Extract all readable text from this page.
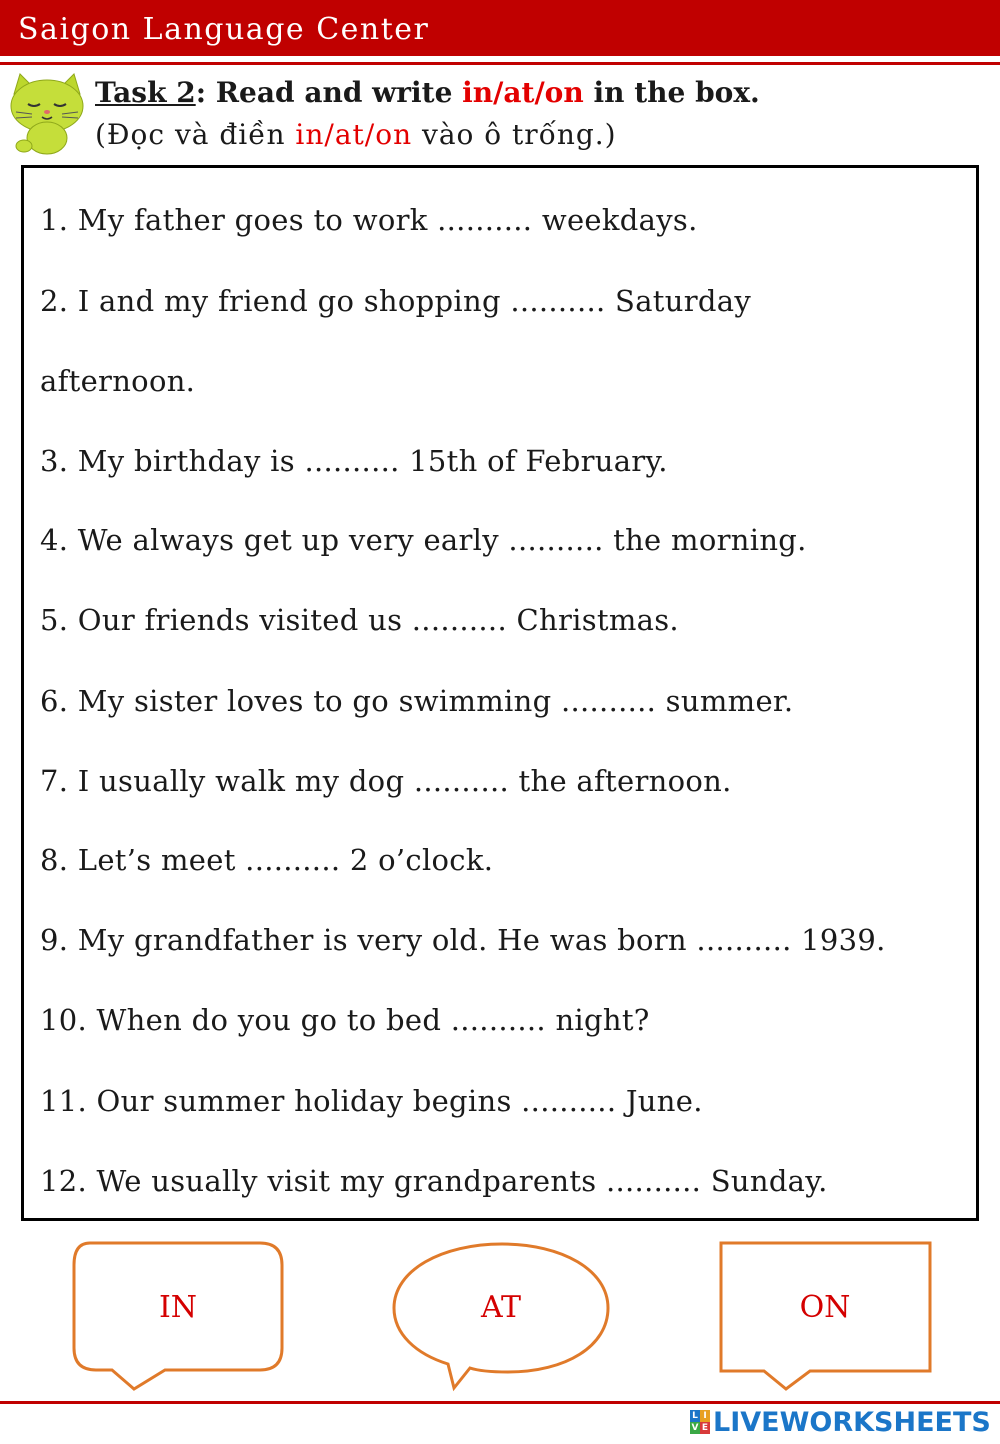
Saigon Language Center
Task 2: Read and write in/at/on in the box.
(Đọc và điền in/at/on vào ô trống.)
1. My father goes to work .......... weekdays.
2. I and my friend go shopping .......... Saturday
afternoon.
3. My birthday is .......... 15th of February.
4. We always get up very early .......... the morning.
5. Our friends visited us .......... Christmas.
6. My sister loves to go swimming .......... summer.
7. I usually walk my dog .......... the afternoon.
8. Let’s meet .......... 2 o’clock.
9. My grandfather is very old. He was born .......... 1939.
10. When do you go to bed .......... night?
11. Our summer holiday begins .......... June.
12. We usually visit my grandparents .......... Sunday.
IN	AT	ON
L I
V E LIVEWORKSHEETS
